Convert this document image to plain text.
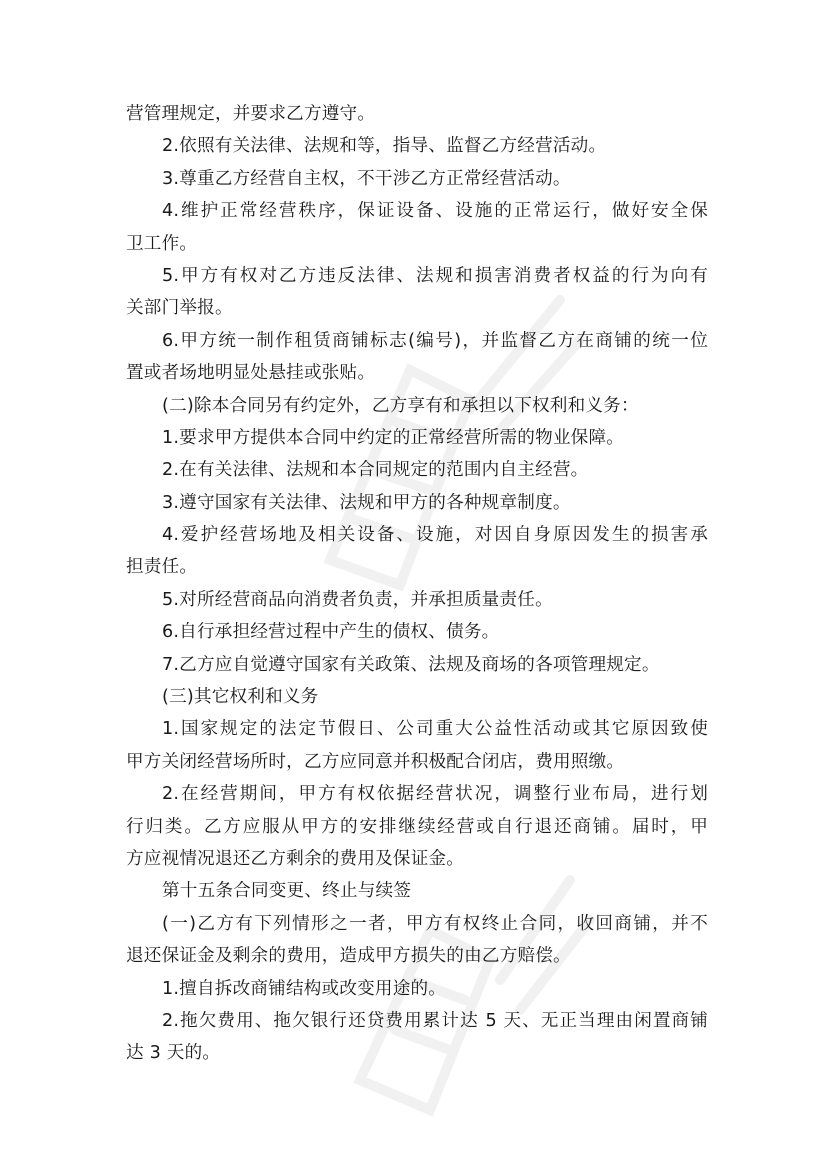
营管理规定，并要求乙方遵守。
2.依照有关法律、法规和等，指导、监督乙方经营活动。
3.尊重乙方经营自主权，不干涉乙方正常经营活动。
4.维护正常经营秩序，保证设备、设施的正常运行，做好安全保
卫工作。
5.甲方有权对乙方违反法律、法规和损害消费者权益的行为向有
关部门举报。
6.甲方统一制作租赁商铺标志(编号)，并监督乙方在商铺的统一位
置或者场地明显处悬挂或张贴。
(二)除本合同另有约定外，乙方享有和承担以下权利和义务：
1.要求甲方提供本合同中约定的正常经营所需的物业保障。
2.在有关法律、法规和本合同规定的范围内自主经营。
3.遵守国家有关法律、法规和甲方的各种规章制度。
4.爱护经营场地及相关设备、设施，对因自身原因发生的损害承
担责任。
5.对所经营商品向消费者负责，并承担质量责任。
6.自行承担经营过程中产生的债权、债务。
7.乙方应自觉遵守国家有关政策、法规及商场的各项管理规定。
(三)其它权利和义务
1.国家规定的法定节假日、公司重大公益性活动或其它原因致使
甲方关闭经营场所时，乙方应同意并积极配合闭店，费用照缴。
2.在经营期间，甲方有权依据经营状况，调整行业布局，进行划
行归类。乙方应服从甲方的安排继续经营或自行退还商铺。届时，甲
方应视情况退还乙方剩余的费用及保证金。
第十五条合同变更、终止与续签
(一)乙方有下列情形之一者，甲方有权终止合同，收回商铺，并不
退还保证金及剩余的费用，造成甲方损失的由乙方赔偿。
1.擅自拆改商铺结构或改变用途的。
2.拖欠费用、拖欠银行还贷费用累计达 5 天、无正当理由闲置商铺
达 3 天的。
